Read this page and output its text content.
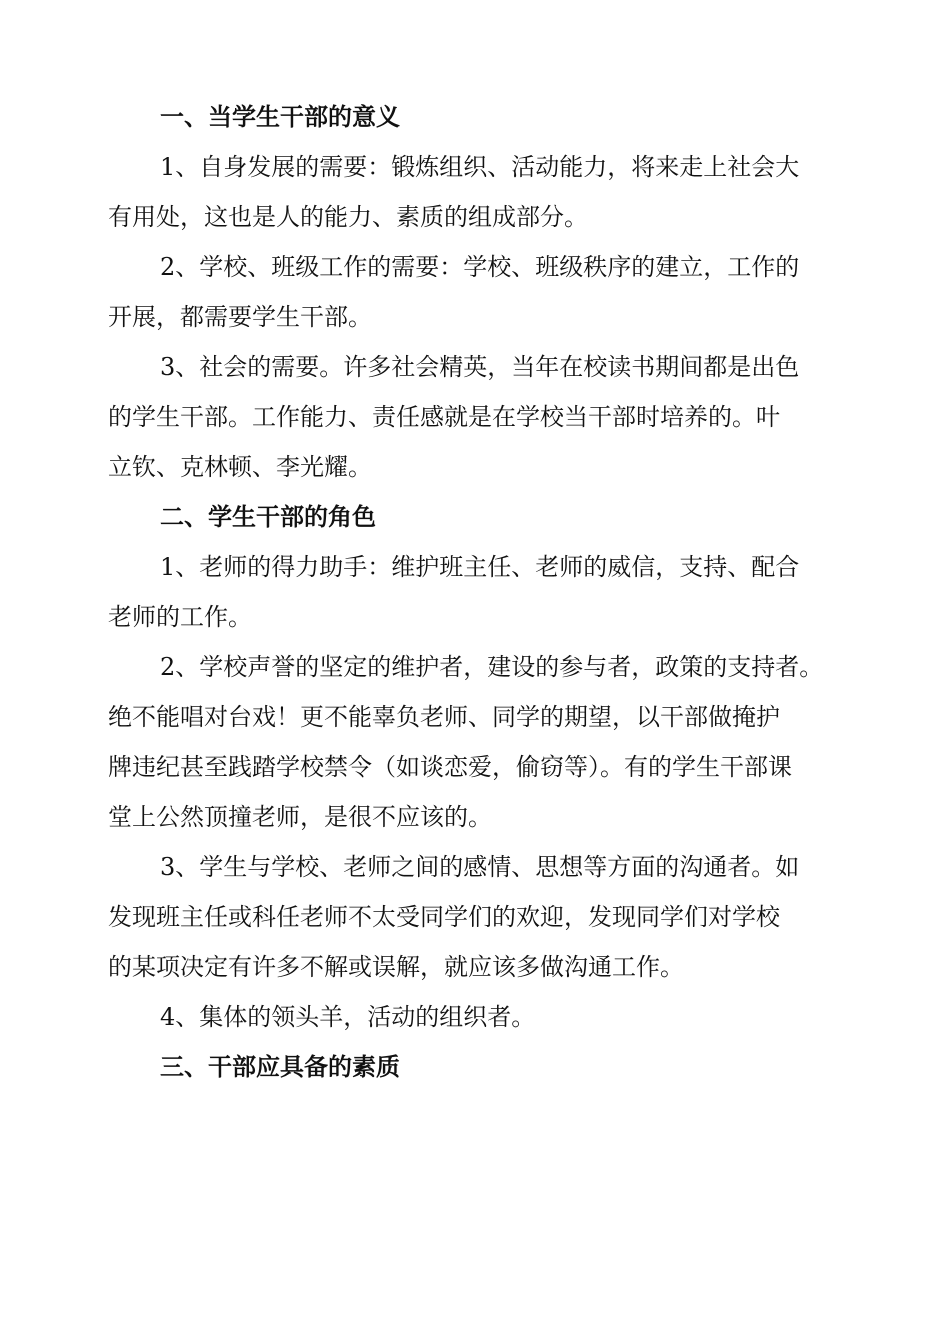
一、当学生干部的意义
1、自身发展的需要：锻炼组织、活动能力，将来走上社会大
有用处，这也是人的能力、素质的组成部分。
2、学校、班级工作的需要：学校、班级秩序的建立，工作的
开展，都需要学生干部。
3、社会的需要。许多社会精英，当年在校读书期间都是出色
的学生干部。工作能力、责任感就是在学校当干部时培养的。叶
立钦、克林顿、李光耀。
二、学生干部的角色
1、老师的得力助手：维护班主任、老师的威信，支持、配合
老师的工作。
2、学校声誉的坚定的维护者，建设的参与者，政策的支持者。
绝不能唱对台戏！更不能辜负老师、同学的期望，以干部做掩护
牌违纪甚至践踏学校禁令（如谈恋爱，偷窃等）。有的学生干部课
堂上公然顶撞老师，是很不应该的。
3、学生与学校、老师之间的感情、思想等方面的沟通者。如
发现班主任或科任老师不太受同学们的欢迎，发现同学们对学校
的某项决定有许多不解或误解，就应该多做沟通工作。
4、集体的领头羊，活动的组织者。
三、干部应具备的素质
